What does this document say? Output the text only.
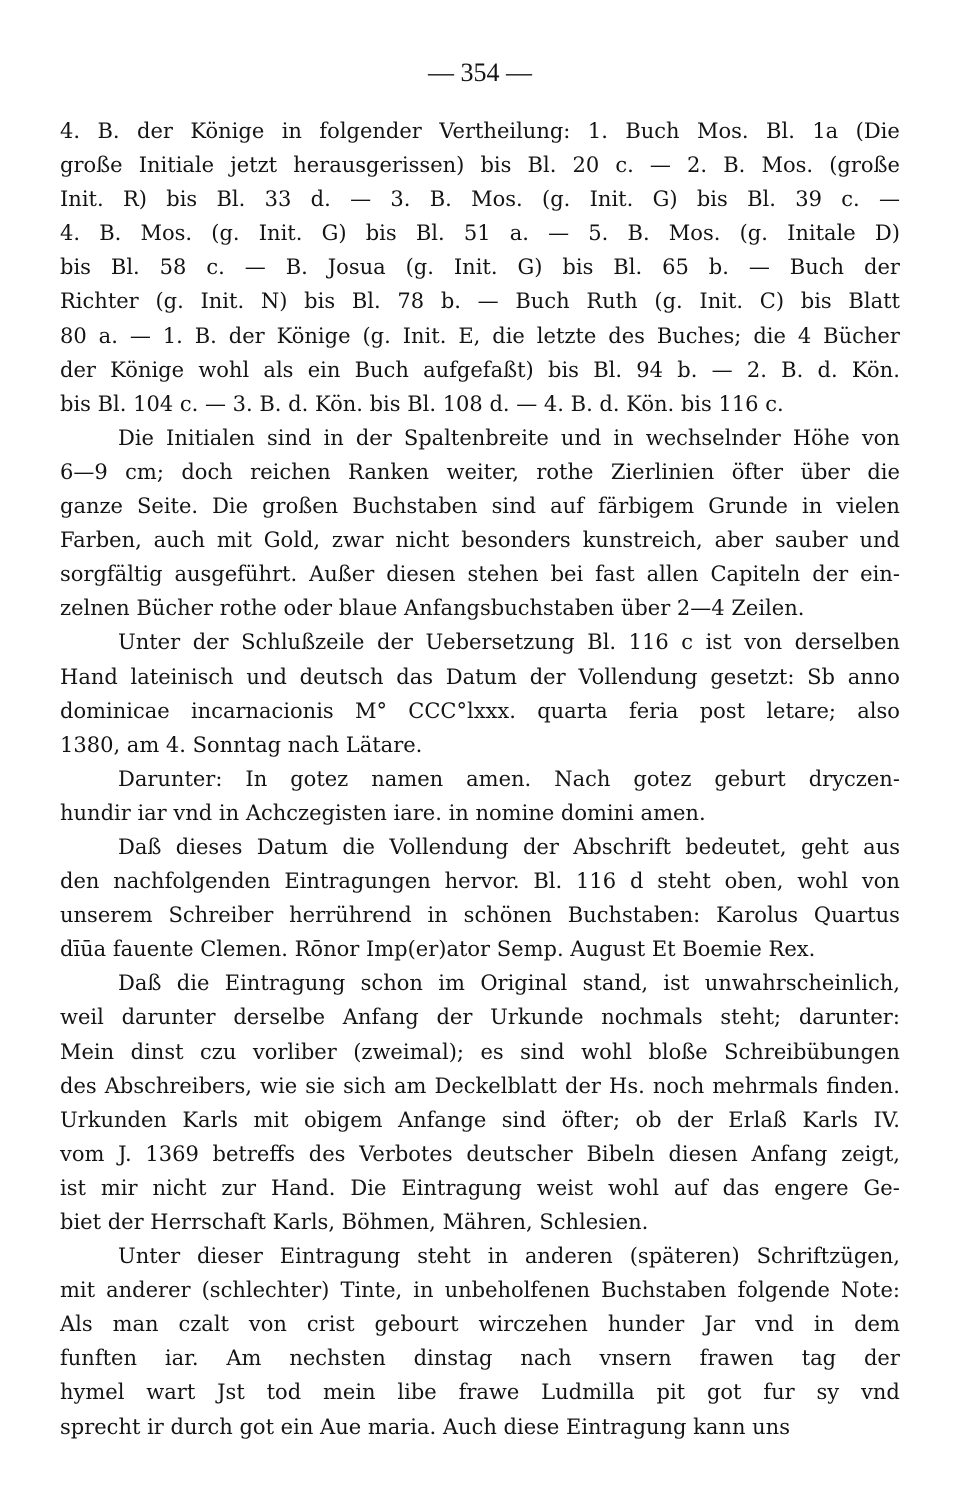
— 354 —
4. B. der Könige in folgender Vertheilung: 1. Buch Mos. Bl. 1a (Die
große Initiale jetzt herausgerissen) bis Bl. 20 c. — 2. B. Mos. (große
Init. R) bis Bl. 33 d. — 3. B. Mos. (g. Init. G) bis Bl. 39 c. —
4. B. Mos. (g. Init. G) bis Bl. 51 a. — 5. B. Mos. (g. Initale D)
bis Bl. 58 c. — B. Josua (g. Init. G) bis Bl. 65 b. — Buch der
Richter (g. Init. N) bis Bl. 78 b. — Buch Ruth (g. Init. C) bis Blatt
80 a. — 1. B. der Könige (g. Init. E, die letzte des Buches; die 4 Bücher
der Könige wohl als ein Buch aufgefaßt) bis Bl. 94 b. — 2. B. d. Kön.
bis Bl. 104 c. — 3. B. d. Kön. bis Bl. 108 d. — 4. B. d. Kön. bis 116 c.
Die Initialen sind in der Spaltenbreite und in wechselnder Höhe von
6—9 cm; doch reichen Ranken weiter, rothe Zierlinien öfter über die
ganze Seite. Die großen Buchstaben sind auf färbigem Grunde in vielen
Farben, auch mit Gold, zwar nicht besonders kunstreich, aber sauber und
sorgfältig ausgeführt. Außer diesen stehen bei fast allen Capiteln der ein-
zelnen Bücher rothe oder blaue Anfangsbuchstaben über 2—4 Zeilen.
Unter der Schlußzeile der Uebersetzung Bl. 116 c ist von derselben
Hand lateinisch und deutsch das Datum der Vollendung gesetzt: Sb anno
dominicae incarnacionis M° CCC°lxxx. quarta feria post letare; also
1380, am 4. Sonntag nach Lätare.
Darunter: In gotez namen amen. Nach gotez geburt dryczen-
hundir iar vnd in Achczegisten iare. in nomine domini amen.
Daß dieses Datum die Vollendung der Abschrift bedeutet, geht aus
den nachfolgenden Eintragungen hervor. Bl. 116 d steht oben, wohl von
unserem Schreiber herrührend in schönen Buchstaben: Karolus Quartus
dīūa fauente Clemen. Rōnor Imp(er)ator Semp. August Et Boemie Rex.
Daß die Eintragung schon im Original stand, ist unwahrscheinlich,
weil darunter derselbe Anfang der Urkunde nochmals steht; darunter:
Mein dinst czu vorliber (zweimal); es sind wohl bloße Schreibübungen
des Abschreibers, wie sie sich am Deckelblatt der Hs. noch mehrmals finden.
Urkunden Karls mit obigem Anfange sind öfter; ob der Erlaß Karls IV.
vom J. 1369 betreffs des Verbotes deutscher Bibeln diesen Anfang zeigt,
ist mir nicht zur Hand. Die Eintragung weist wohl auf das engere Ge-
biet der Herrschaft Karls, Böhmen, Mähren, Schlesien.
Unter dieser Eintragung steht in anderen (späteren) Schriftzügen,
mit anderer (schlechter) Tinte, in unbeholfenen Buchstaben folgende Note:
Als man czalt von crist gebourt wirczehen hunder Jar vnd in dem
funften iar. Am nechsten dinstag nach vnsern frawen tag der
hymel wart Jst tod mein libe frawe Ludmilla pit got fur sy vnd
sprecht ir durch got ein Aue maria. Auch diese Eintragung kann uns
